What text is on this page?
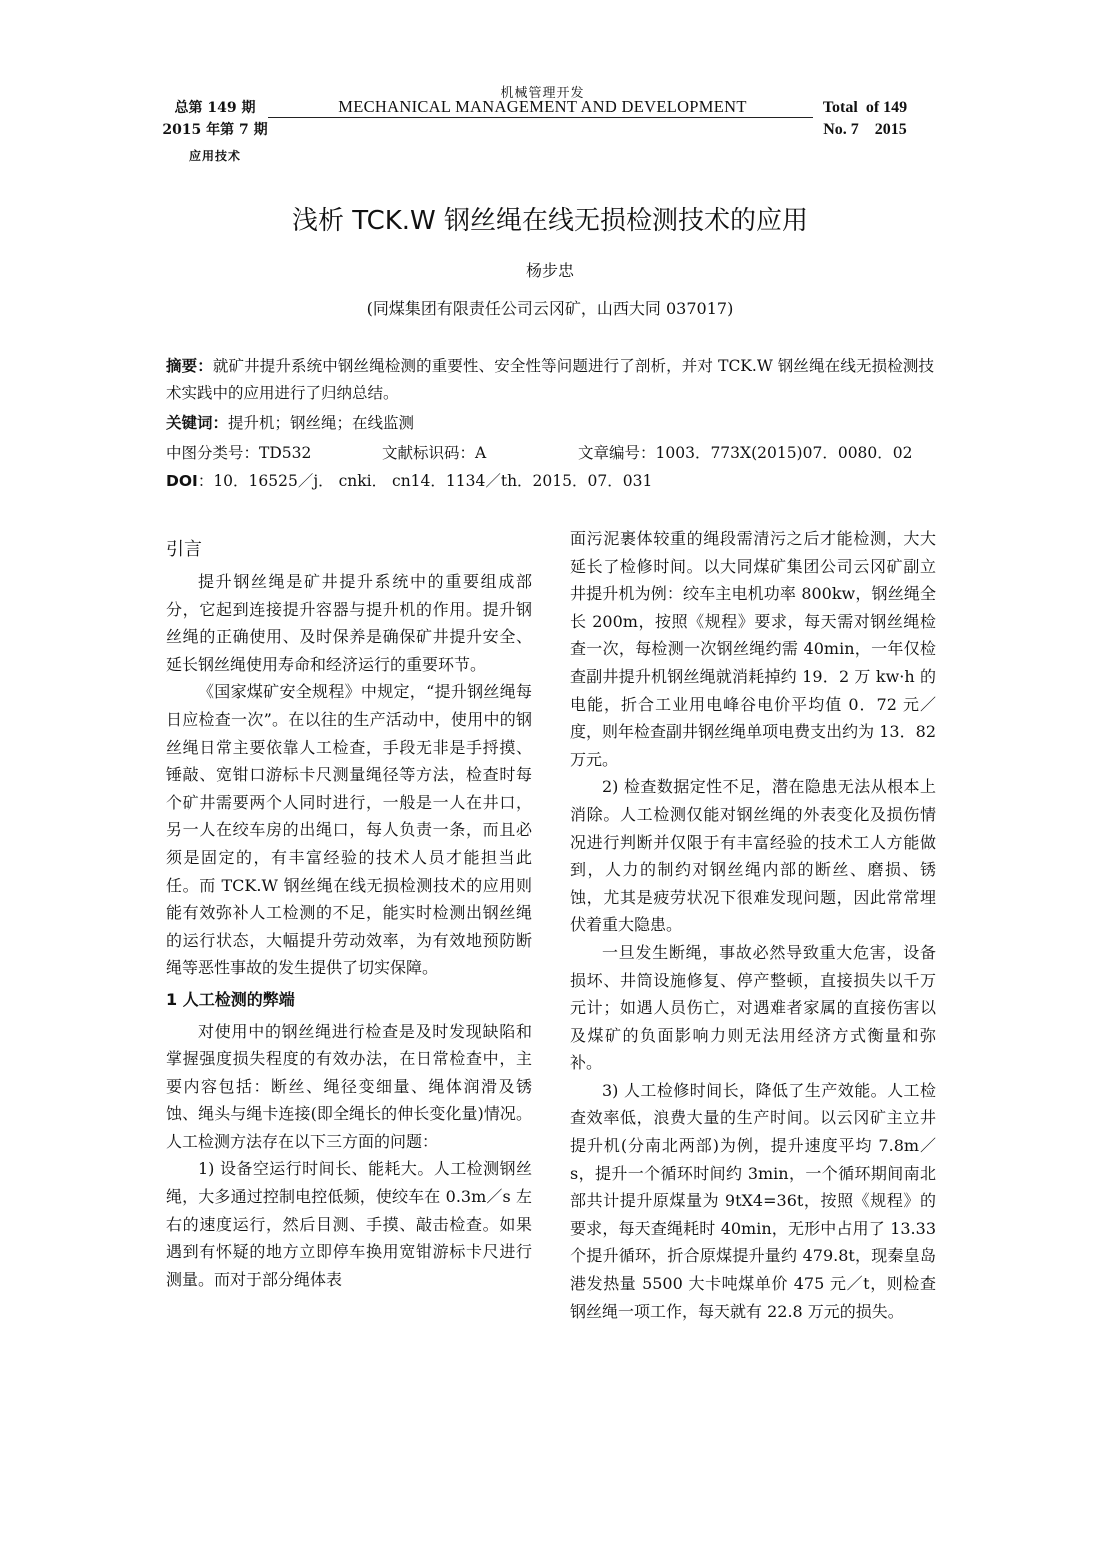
总第 149 期
2015 年第 7 期
应用技术
机械管理开发
MECHANICAL MANAGEMENT AND DEVELOPMENT	Total  of 149
No. 7    2015
浅析 TCK.W 钢丝绳在线无损检测技术的应用
杨步忠
(同煤集团有限责任公司云冈矿，山西大同 037017)
摘要：就矿井提升系统中钢丝绳检测的重要性、安全性等问题进行了剖析，并对 TCK.W 钢丝绳在线无损检测技术实践中的应用进行了归纳总结。
关键词：提升机；钢丝绳；在线监测
中图分类号：TD532	文献标识码：A	文章编号：1003．773X(2015)07．0080．02
DOI：10．16525／j． cnki． cn14．1134／th．2015．07．031
引言

提升钢丝绳是矿井提升系统中的重要组成部分，它起到连接提升容器与提升机的作用。提升钢丝绳的正确使用、及时保养是确保矿井提升安全、延长钢丝绳使用寿命和经济运行的重要环节。

《国家煤矿安全规程》中规定，“提升钢丝绳每日应检查一次”。在以往的生产活动中，使用中的钢丝绳日常主要依靠人工检查，手段无非是手捋摸、锤敲、宽钳口游标卡尺测量绳径等方法，检查时每个矿井需要两个人同时进行，一般是一人在井口，另一人在绞车房的出绳口，每人负责一条，而且必须是固定的，有丰富经验的技术人员才能担当此任。而 TCK.W 钢丝绳在线无损检测技术的应用则能有效弥补人工检测的不足，能实时检测出钢丝绳的运行状态，大幅提升劳动效率，为有效地预防断绳等恶性事故的发生提供了切实保障。

1 人工检测的弊端

对使用中的钢丝绳进行检查是及时发现缺陷和掌握强度损失程度的有效办法，在日常检查中，主要内容包括：断丝、绳径变细量、绳体润滑及锈蚀、绳头与绳卡连接(即全绳长的伸长变化量)情况。人工检测方法存在以下三方面的问题：

1) 设备空运行时间长、能耗大。人工检测钢丝绳，大多通过控制电控低频，使绞车在 0.3m／s 左右的速度运行，然后目测、手摸、敲击检查。如果遇到有怀疑的地方立即停车换用宽钳游标卡尺进行测量。而对于部分绳体表

面污泥裹体较重的绳段需清污之后才能检测，大大延长了检修时间。以大同煤矿集团公司云冈矿副立井提升机为例：绞车主电机功率 800kw，钢丝绳全长 200m，按照《规程》要求，每天需对钢丝绳检查一次，每检测一次钢丝绳约需 40min，一年仅检查副井提升机钢丝绳就消耗掉约 19．2 万 kw·h 的电能，折合工业用电峰谷电价平均值 0．72 元／度，则年检查副井钢丝绳单项电费支出约为 13．82 万元。

2) 检查数据定性不足，潜在隐患无法从根本上消除。人工检测仅能对钢丝绳的外表变化及损伤情况进行判断并仅限于有丰富经验的技术工人方能做到，人力的制约对钢丝绳内部的断丝、磨损、锈蚀，尤其是疲劳状况下很难发现问题，因此常常埋伏着重大隐患。

一旦发生断绳，事故必然导致重大危害，设备损坏、井筒设施修复、停产整顿，直接损失以千万元计；如遇人员伤亡，对遇难者家属的直接伤害以及煤矿的负面影响力则无法用经济方式衡量和弥补。

3) 人工检修时间长，降低了生产效能。人工检查效率低，浪费大量的生产时间。以云冈矿主立井提升机(分南北两部)为例，提升速度平均 7.8m／s，提升一个循环时间约 3min，一个循环期间南北部共计提升原煤量为 9tX4=36t，按照《规程》的要求，每天查绳耗时 40min，无形中占用了 13.33 个提升循环，折合原煤提升量约 479.8t，现秦皇岛港发热量 5500 大卡吨煤单价 475 元／t，则检查钢丝绳一项工作，每天就有 22.8 万元的损失。
